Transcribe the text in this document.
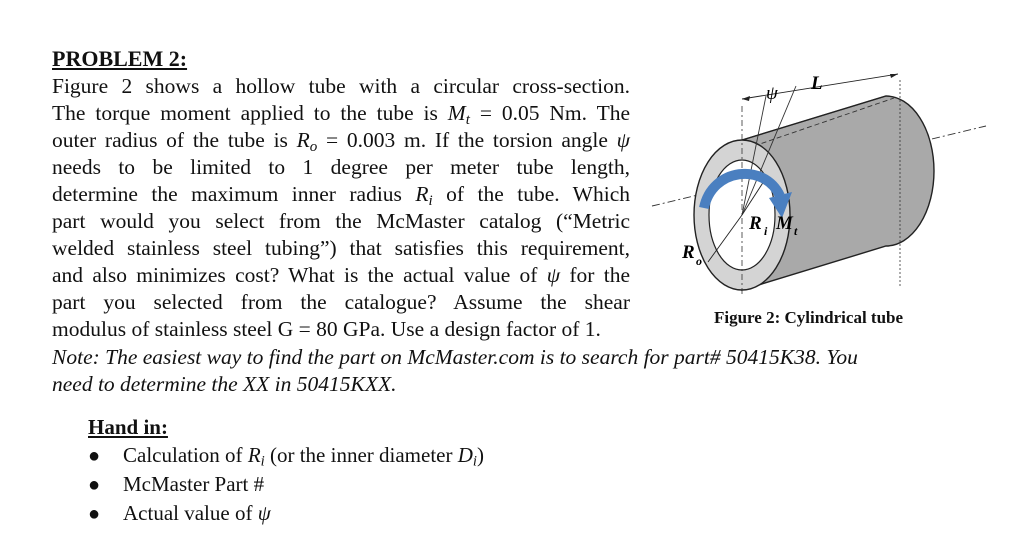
PROBLEM 2:
Figure 2 shows a hollow tube with a circular cross-section.
The torque moment applied to the tube is $M_t = 0.05$ Nm. The
outer radius of the tube is $R_o = 0.003$ m. If the torsion angle ψ
needs to be limited to 1 degree per meter tube length,
determine the maximum inner radius $R_i$ of the tube. Which
part would you select from the McMaster catalog (“Metric
welded stainless steel tubing”) that satisfies this requirement,
and also minimizes cost? What is the actual value of ψ for the
part you selected from the catalogue? Assume the shear
modulus of stainless steel G = 80 GPa. Use a design factor of 1.
Note: The easiest way to find the part on McMaster.com is to search for part# 50415K38. You
need to determine the XX in 50415KXX.
ψ L
R i M t
R o
Figure 2: Cylindrical tube
Hand in:
● Calculation of $R_i$ (or the inner diameter $D_i$)
● McMaster Part #
● Actual value of ψ
